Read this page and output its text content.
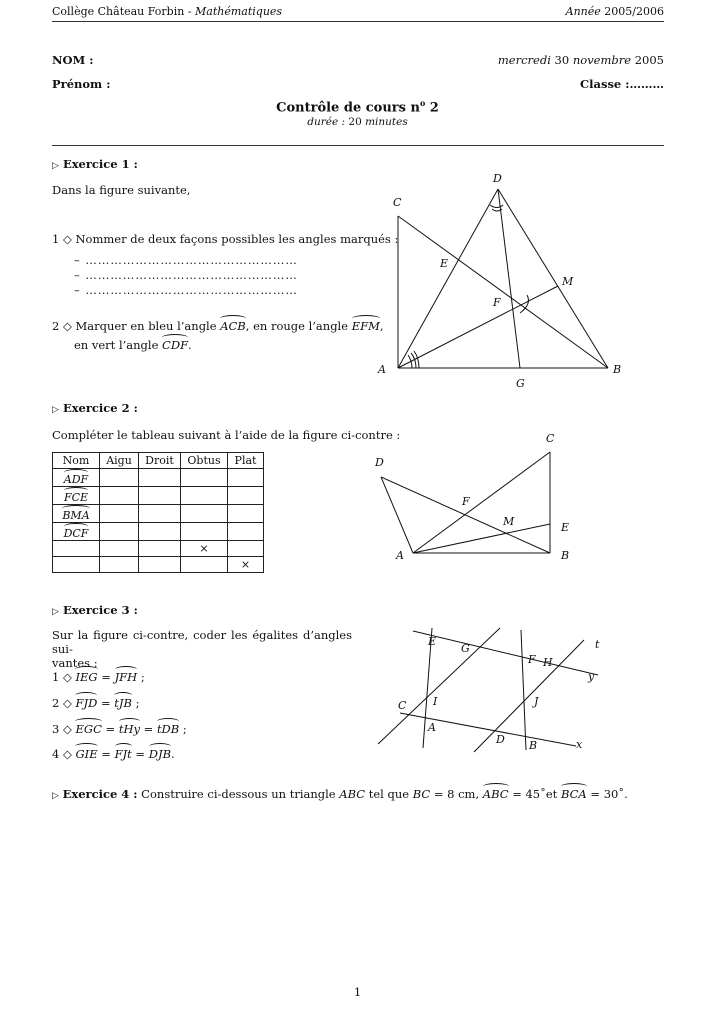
Collège Château Forbin - Mathématiques	Année 2005/2006
NOM :	mercredi 30 novembre 2005
Prénom :	Classe :………
Contrôle de cours $n^o$ 2
durée : 20 minutes
▷ Exercice 1 :
Dans la figure suivante,
1 ◇ Nommer de deux façons possibles les angles marqués :
– ……………………………………………
– ……………………………………………
– ……………………………………………
2 ◇ Marquer en bleu l’angle ACB, en rouge l’angle EFM,
en vert l’angle CDF.
D
C
E
M
F
A	B
G
▷ Exercice 2 :
Compléter le tableau suivant à l’aide de la figure ci-contre :
Nom	Aigu	Droit	Obtus	Plat
ADF				
FCE				
BMA				
DCF				
			×	
				×
C
D
F
M	E
A	B
▷ Exercice 3 :
Sur la figure ci-contre, coder les égalites d’angles sui-
vantes :
1 ◇ IEG = JFH ;
2 ◇ FJD = tJB ;
3 ◇ EGC = tHy = tDB ;
4 ◇ GIE = FJt = DJB.
E
G
F H
t
y
C I	J
A
D B	x
▷ Exercice 4 : Construire ci-dessous un triangle ABC tel que BC = 8 cm, ABC = 45˚et BCA = 30˚.
1
